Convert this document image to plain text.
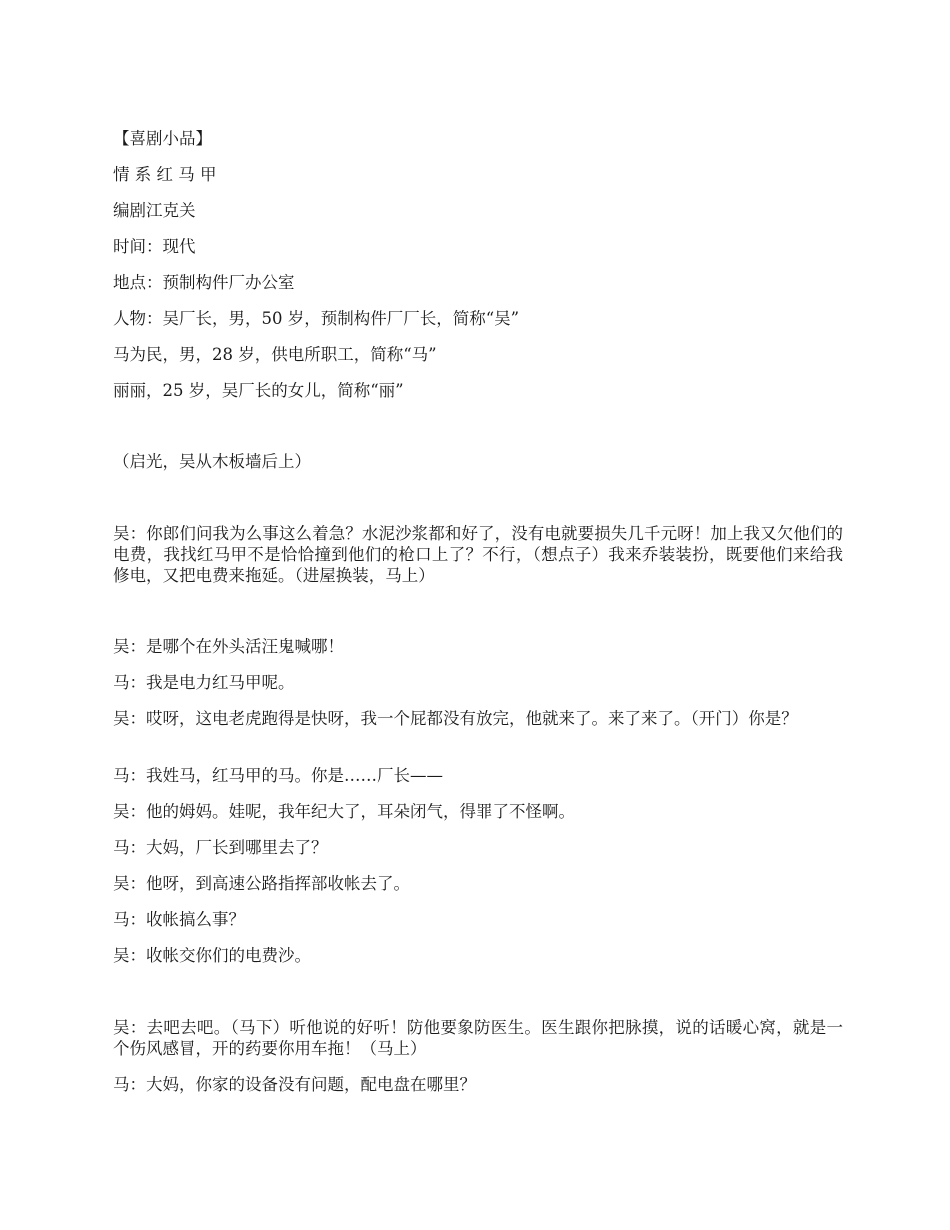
【喜剧小品】
情 系 红 马 甲
编剧江克关
时间：现代
地点：预制构件厂办公室
人物：吴厂长，男，50 岁，预制构件厂厂长，简称“吴”
马为民，男，28 岁，供电所职工，简称“马”
丽丽，25 岁，吴厂长的女儿，简称“丽”
（启光，吴从木板墙后上）
吴：你郎们问我为么事这么着急？水泥沙浆都和好了，没有电就要损失几千元呀！加上我又欠他们的电费，我找红马甲不是恰恰撞到他们的枪口上了？不行，（想点子）我来乔装装扮，既要他们来给我修电，又把电费来拖延。（进屋换装，马上）
吴：是哪个在外头活汪鬼喊哪！
马：我是电力红马甲呢。
吴：哎呀，这电老虎跑得是快呀，我一个屁都没有放完，他就来了。来了来了。（开门）你是？
马：我姓马，红马甲的马。你是……厂长——
吴：他的姆妈。娃呢，我年纪大了，耳朵闭气，得罪了不怪啊。
马：大妈，厂长到哪里去了？
吴：他呀，到高速公路指挥部收帐去了。
马：收帐搞么事？
吴：收帐交你们的电费沙。
吴：去吧去吧。（马下）听他说的好听！防他要象防医生。医生跟你把脉摸，说的话暖心窝，就是一个伤风感冒，开的药要你用车拖！（马上）
马：大妈，你家的设备没有问题，配电盘在哪里？
